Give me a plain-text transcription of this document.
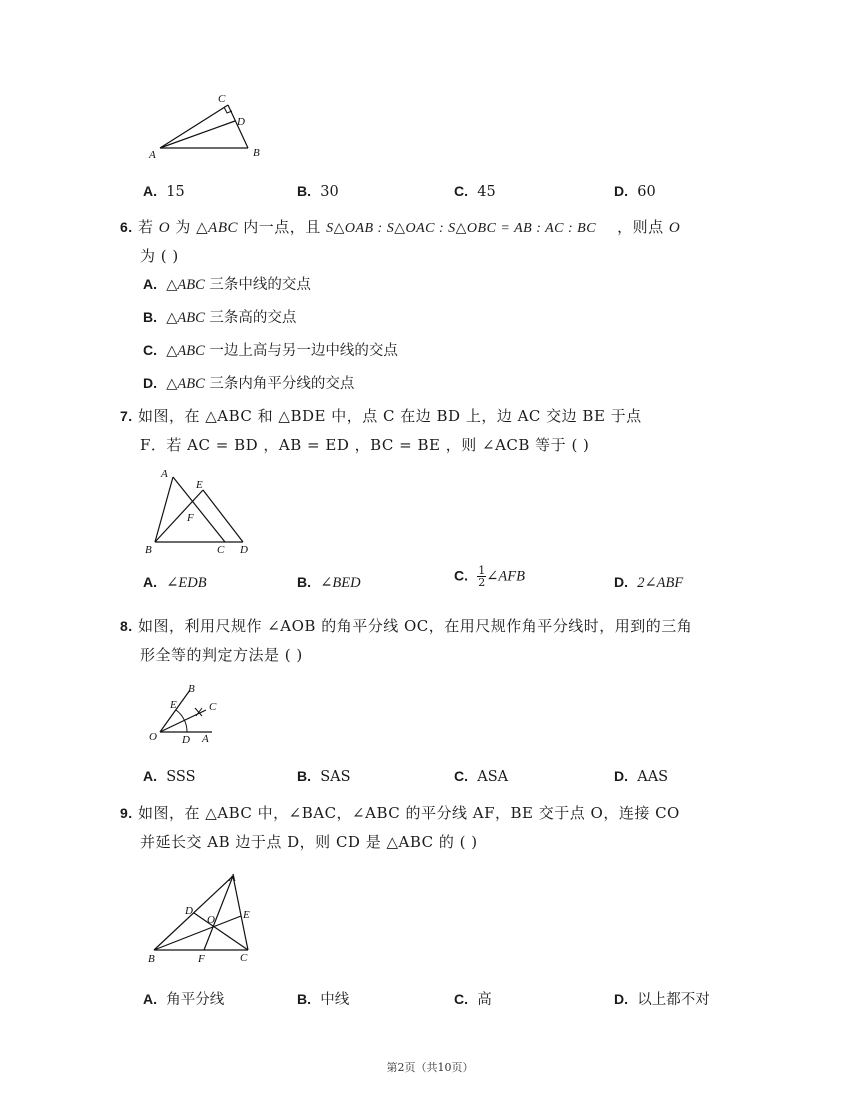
C
D
A	B
A. 15	B. 30	C. 45	D. 60
6. 若 O 为 △ABC 内一点，且 S△OAB : S△OAC : S△OBC = AB : AC : BC ，则点 O
为 ( )
A. △ABC 三条中线的交点
B. △ABC 三条高的交点
C. △ABC 一边上高与另一边中线的交点
D. △ABC 三条内角平分线的交点
7. 如图，在 △ABC 和 △BDE 中，点 C 在边 BD 上，边 AC 交边 BE 于点
F．若 AC = BD ，AB = ED ，BC = BE ，则 ∠ACB 等于 ( )
A
E
F
B	C D
A. ∠EDB	B. ∠BED	C. $\frac{1}{2}$ ∠AFB	D. 2∠ABF
8. 如图，利用尺规作 ∠AOB 的角平分线 OC，在用尺规作角平分线时，用到的三角
形全等的判定方法是 ( )
B
E	C
O D A
A. SSS	B. SAS	C. ASA	D. AAS
9. 如图，在 △ABC 中，∠BAC，∠ABC 的平分线 AF，BE 交于点 O，连接 CO
并延长交 AB 边于点 D，则 CD 是 △ABC 的 ( )
A
D
O	E
B	F	C
A. 角平分线	B. 中线	C. 高	D. 以上都不对
第2页（共10页）
